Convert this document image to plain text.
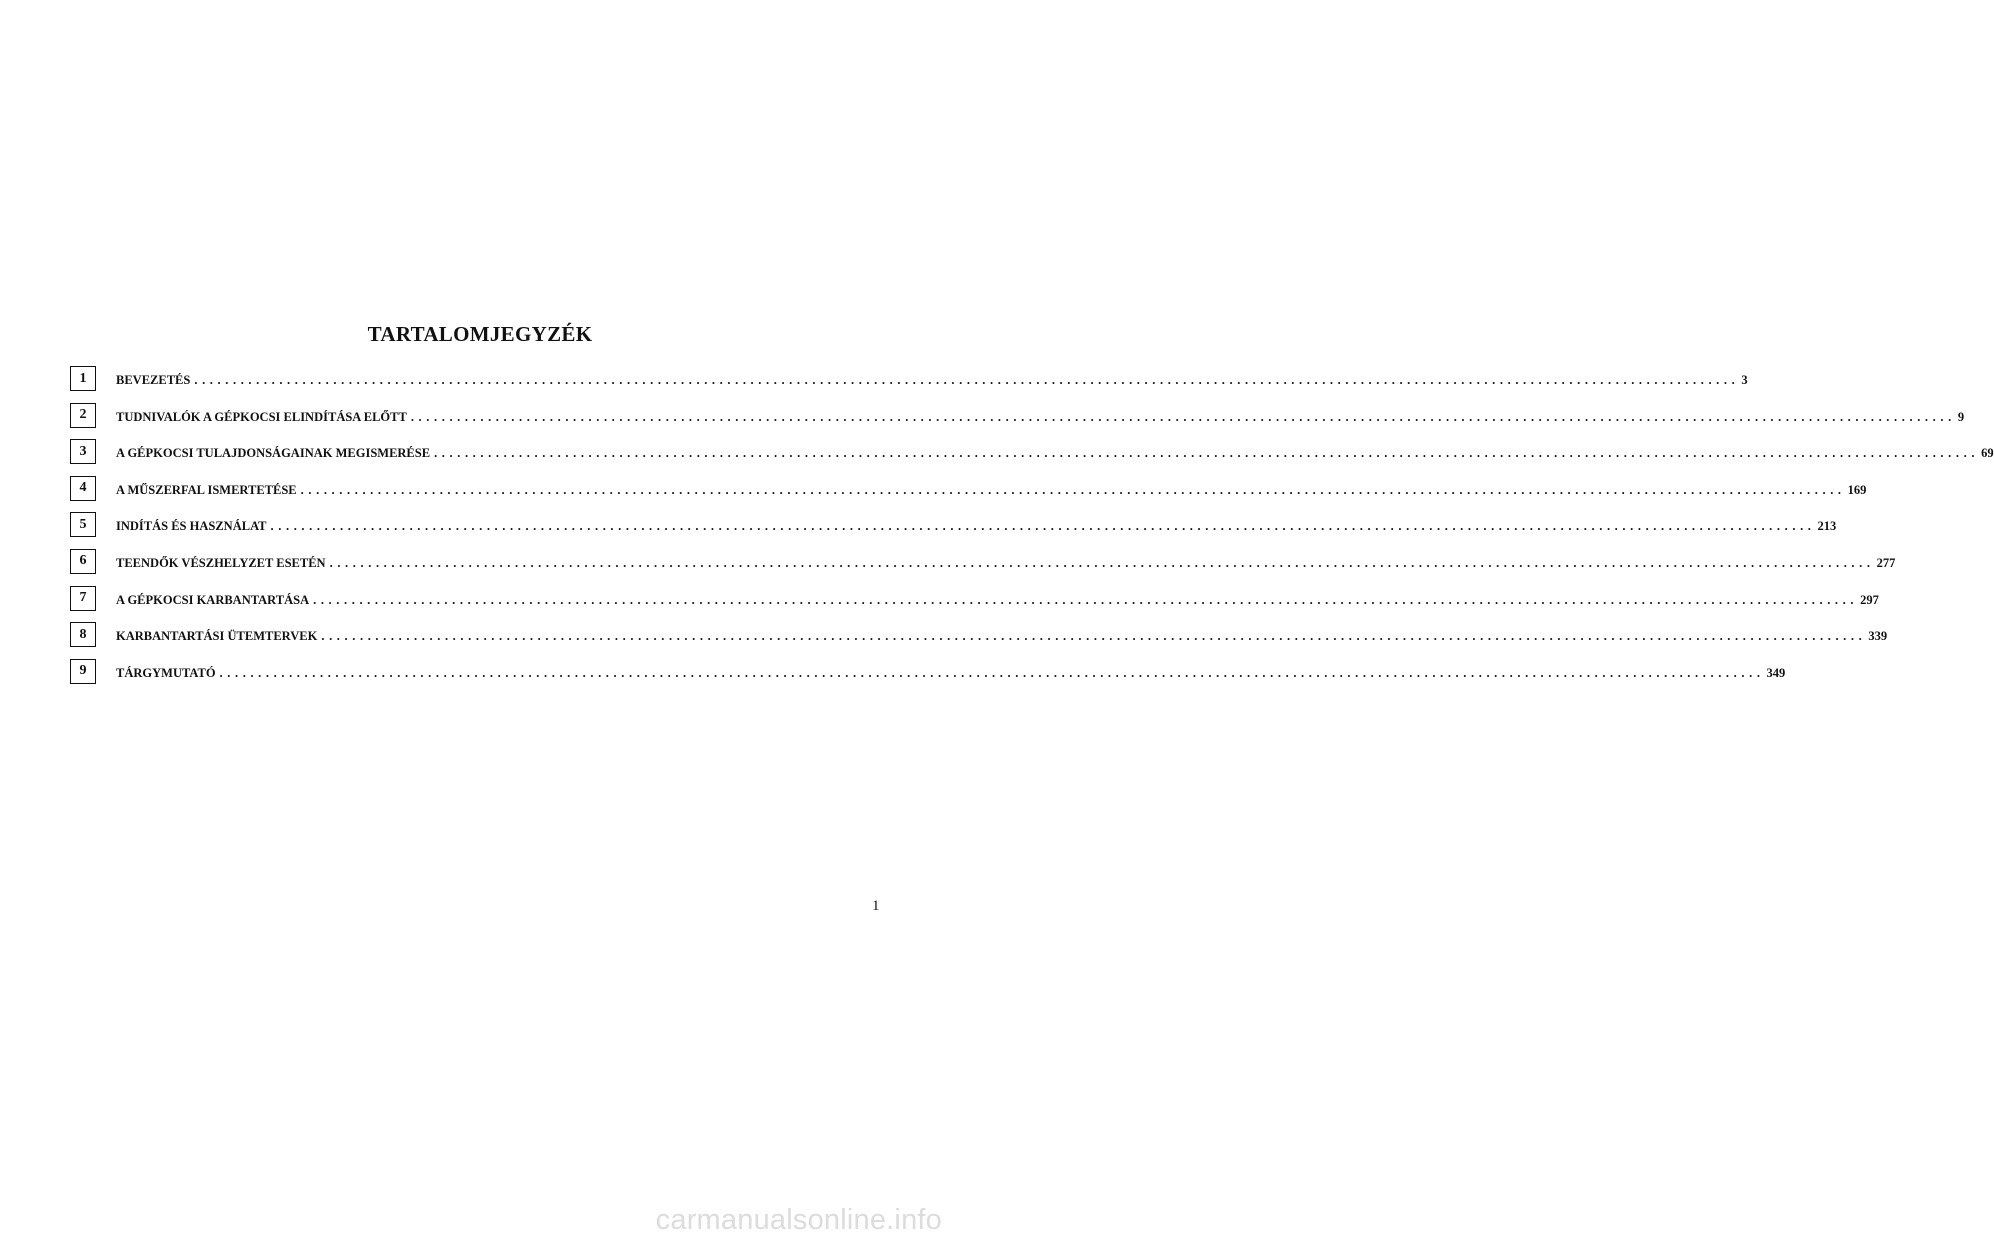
TARTALOMJEGYZÉK
1	BEVEZETÉS ........................................................................................................................................................................................................ 3
2	TUDNIVALÓK A GÉPKOCSI ELINDÍTÁSA ELŐTT ........................................................................................................................................................................................................ 9
3	A GÉPKOCSI TULAJDONSÁGAINAK MEGISMERÉSE ........................................................................................................................................................................................................ 69
4	A MŰSZERFAL ISMERTETÉSE ........................................................................................................................................................................................................ 169
5	INDÍTÁS ÉS HASZNÁLAT ........................................................................................................................................................................................................ 213
6	TEENDŐK VÉSZHELYZET ESETÉN ........................................................................................................................................................................................................ 277
7	A GÉPKOCSI KARBANTARTÁSA ........................................................................................................................................................................................................ 297
8	KARBANTARTÁSI ÜTEMTERVEK ........................................................................................................................................................................................................ 339
9	TÁRGYMUTATÓ ........................................................................................................................................................................................................ 349
1
carmanualsonline.info
